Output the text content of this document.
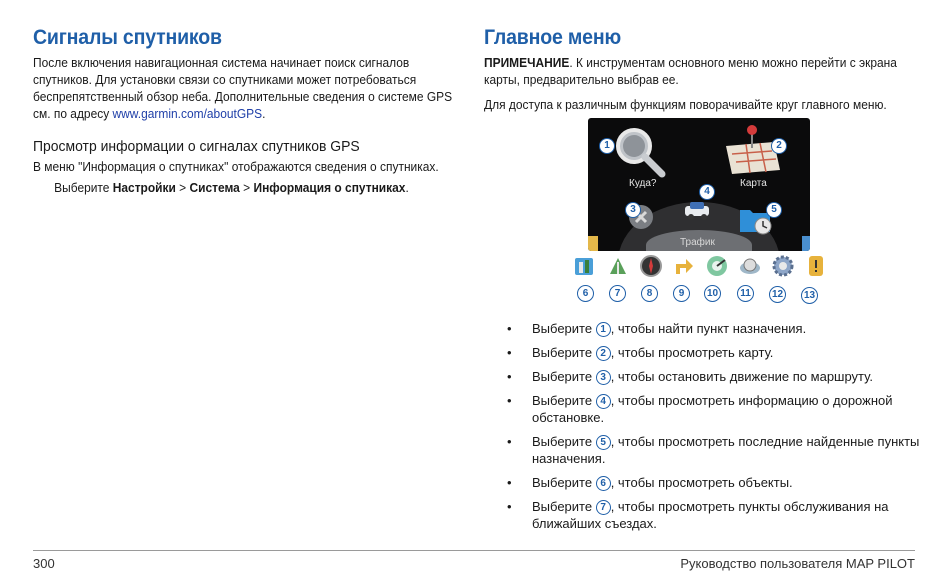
Сигналы спутников

После включения навигационная система начинает поиск сигналов спутников. Для установки связи со спутниками может потребоваться беспрепятственный обзор неба. Дополнительные сведения о системе GPS см. по адресу www.garmin.com/aboutGPS.

Просмотр информации о сигналах спутников GPS

В меню "Информация о спутниках" отображаются сведения о спутниках.

Выберите Настройки > Система > Информация о спутниках.

Главное меню

ПРИМЕЧАНИЕ. К инструментам основного меню можно перейти с экрана карты, предварительно выбрав ее.

Для доступа к различным функциям поворачивайте круг главного меню.

Куда?	Карта
Трафик
1	2
3
4
5
6	7	8	9	10	11	12 13
• Выберите 1 , чтобы найти пункт назначения.
• Выберите 2 , чтобы просмотреть карту.
• Выберите 3 , чтобы остановить движение по маршруту.
• Выберите 4 , чтобы просмотреть информацию о дорожной обстановке.
• Выберите 5 , чтобы просмотреть последние найденные пункты назначения.
• Выберите 6 , чтобы просмотреть объекты.
• Выберите 7 , чтобы просмотреть пункты обслуживания на ближайших съездах.
300	Руководство пользователя MAP PILOT
